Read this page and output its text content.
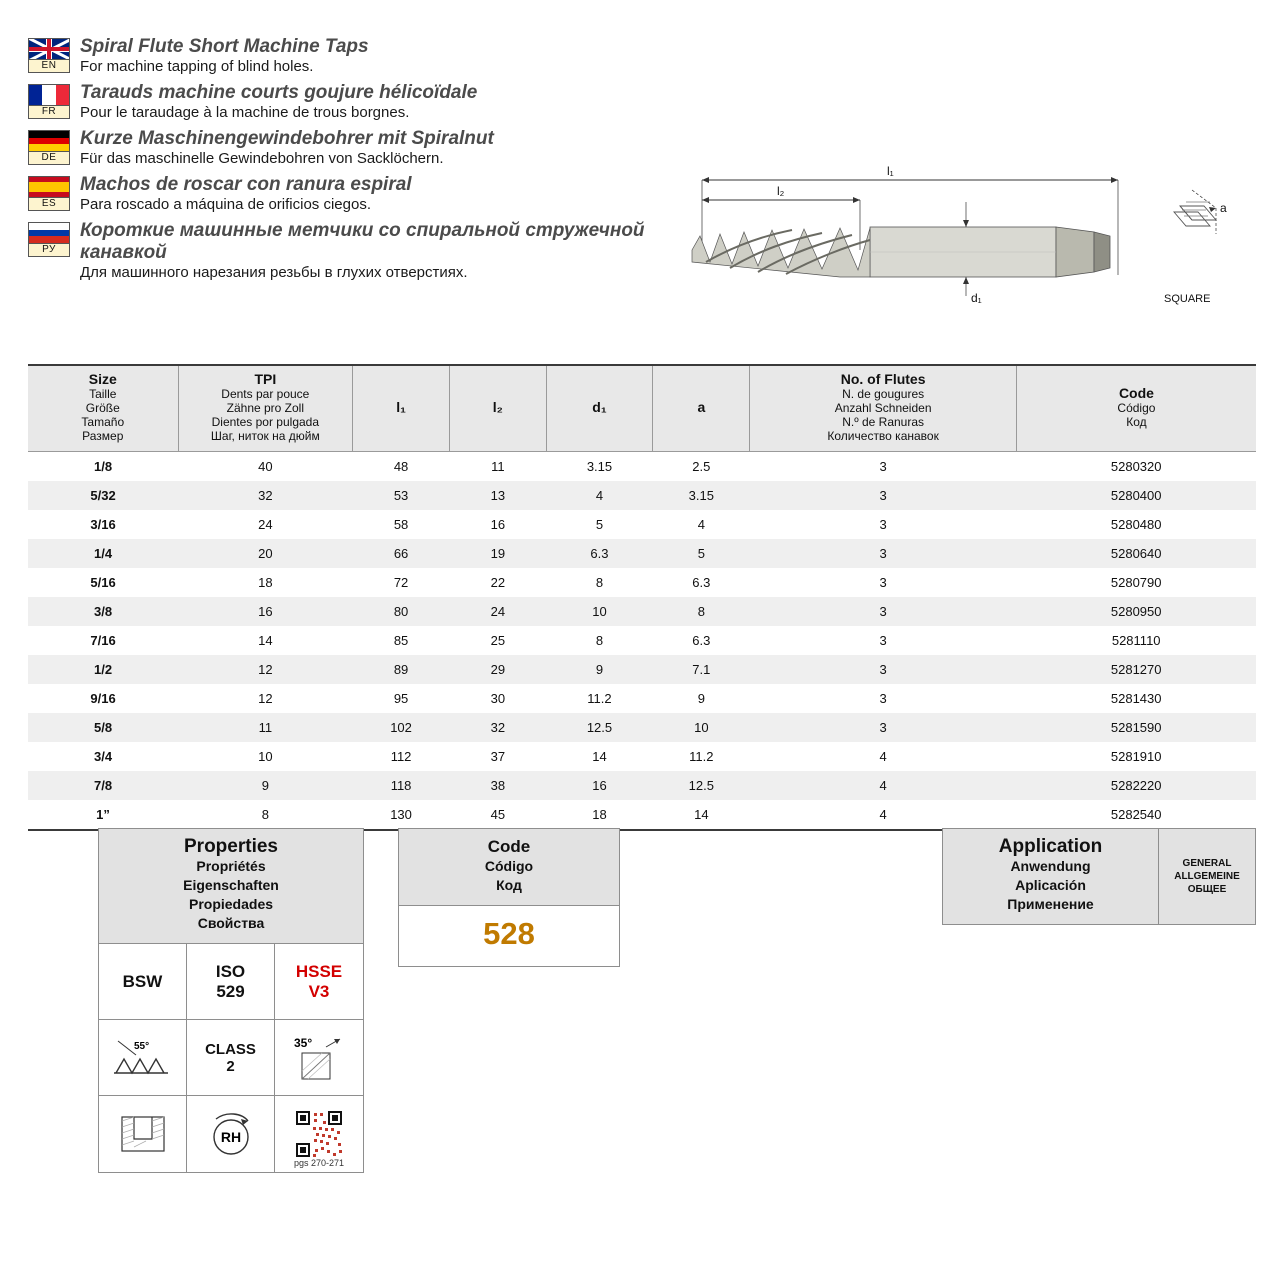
EN
Spiral Flute Short Machine Taps
For machine tapping of blind holes.
FR
Tarauds machine courts goujure hélicoïdale
Pour le taraudage à la machine de trous borgnes.
DE
Kurze Maschinengewindebohrer mit Spiralnut
Für das maschinelle Gewindebohren von Sacklöchern.
ES
Machos de roscar con ranura espiral
Para roscado a máquina de orificios ciegos.
РУ
Короткие машинные метчики со спиральной стружечной канавкой
Для машинного нарезания резьбы в глухих отверстиях.
l₁
l₂
d₁
a
SQUARE
Size
Taille
Größe
Tamaño
Размер	TPI
Dents par pouce
Zähne pro Zoll
Dientes por pulgada
Шаг, ниток на дюйм	l₁	l₂	d₁	a	No. of Flutes
N. de gougures
Anzahl Schneiden
N.º de Ranuras
Количество канавок	Code
Código
Код
1/8	40	48	11	3.15	2.5	3	5280320
5/32	32	53	13	4	3.15	3	5280400
3/16	24	58	16	5	4	3	5280480
1/4	20	66	19	6.3	5	3	5280640
5/16	18	72	22	8	6.3	3	5280790
3/8	16	80	24	10	8	3	5280950
7/16	14	85	25	8	6.3	3	5281110
1/2	12	89	29	9	7.1	3	5281270
9/16	12	95	30	11.2	9	3	5281430
5/8	11	102	32	12.5	10	3	5281590
3/4	10	112	37	14	11.2	4	5281910
7/8	9	118	38	16	12.5	4	5282220
1”	8	130	45	18	14	4	5282540
Properties
Propriétés
Eigenschaften
Propiedades
Свойства
BSW
ISO
529
HSSE
V3
55°	CLASS
2
35°
RH
pgs 270-271
Code
Código
Код
528
Application
Anwendung
Aplicación
Применение
GENERAL
ALLGEMEINE
ОБЩЕЕ
